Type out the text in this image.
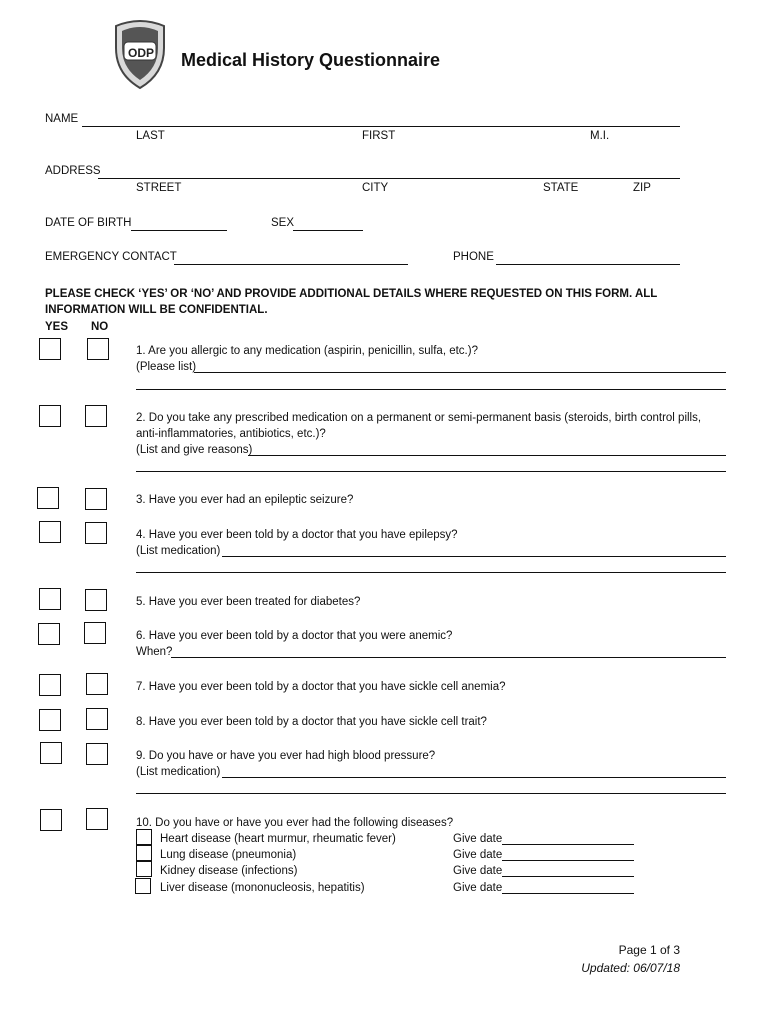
ODP Medical History Questionnaire
NAME
LAST	FIRST	M.I.
ADDRESS
STREET	CITY	STATE	ZIP
DATE OF BIRTH	SEX
EMERGENCY CONTACT	PHONE
PLEASE CHECK ‘YES’ OR ‘NO’ AND PROVIDE ADDITIONAL DETAILS WHERE REQUESTED ON THIS FORM. ALL INFORMATION WILL BE CONFIDENTIAL.
YES NO
1. Are you allergic to any medication (aspirin, penicillin, sulfa, etc.)?
(Please list)
2. Do you take any prescribed medication on a permanent or semi-permanent basis (steroids, birth control pills,
anti-inflammatories, antibiotics, etc.)?
(List and give reasons)
3. Have you ever had an epileptic seizure?
4. Have you ever been told by a doctor that you have epilepsy?
(List medication)
5. Have you ever been treated for diabetes?
6. Have you ever been told by a doctor that you were anemic?
When?
7. Have you ever been told by a doctor that you have sickle cell anemia?
8. Have you ever been told by a doctor that you have sickle cell trait?
9. Do you have or have you ever had high blood pressure?
(List medication)
10. Do you have or have you ever had the following diseases?
Heart disease (heart murmur, rheumatic fever)	Give date
Lung disease (pneumonia)	Give date
Kidney disease (infections)	Give date
Liver disease (mononucleosis, hepatitis)	Give date
Page 1 of 3
Updated: 06/07/18
